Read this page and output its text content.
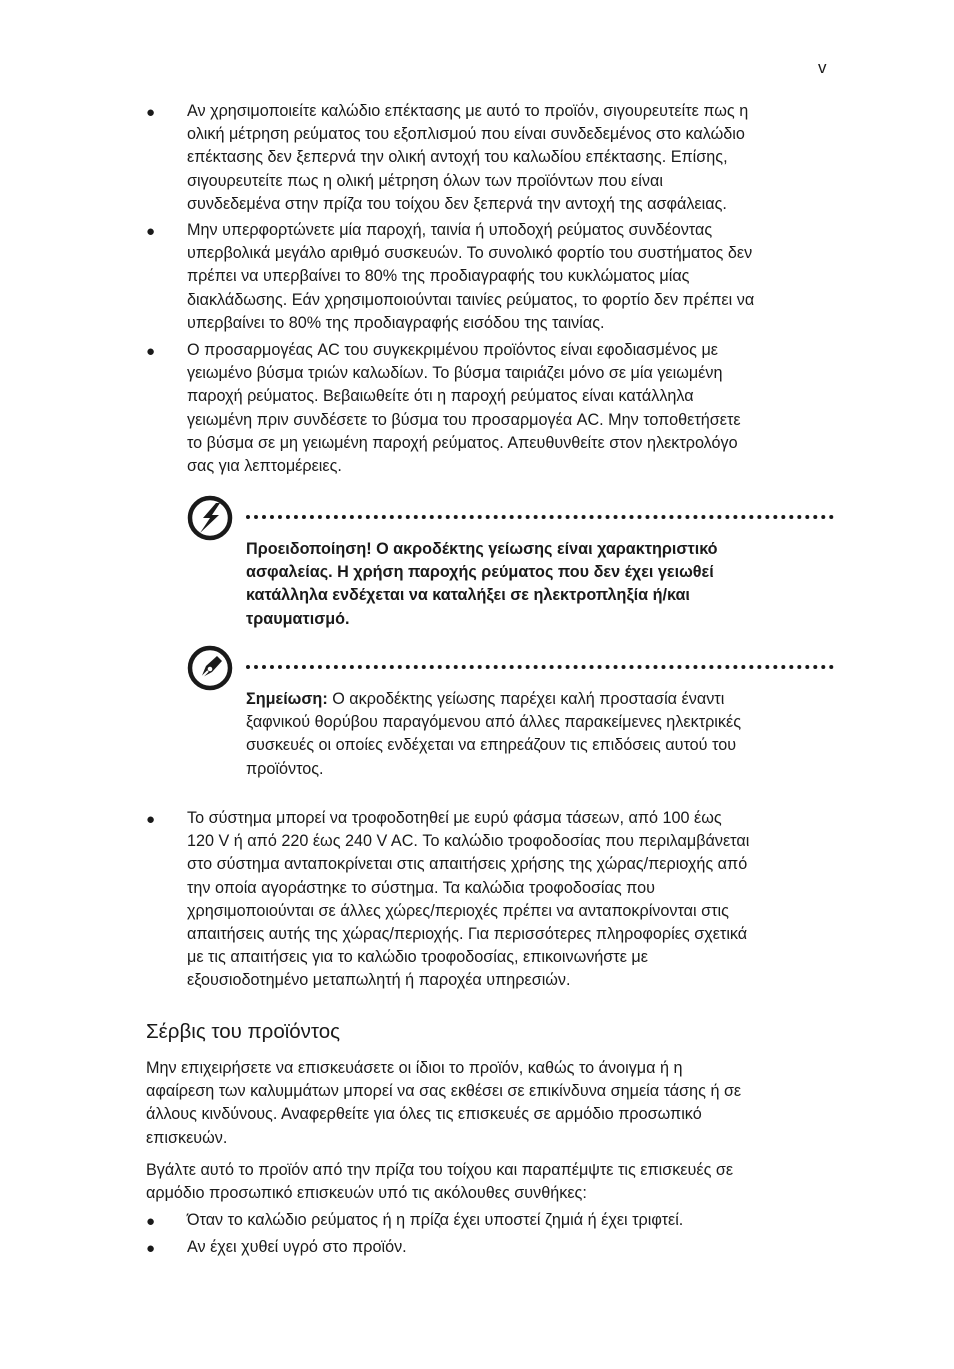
v
● Αν χρησιμοποιείτε καλώδιο επέκτασης με αυτό το προϊόν, σιγουρευτείτε πως η
ολική μέτρηση ρεύματος του εξοπλισμού που είναι συνδεδεμένος στο καλώδιο
επέκτασης δεν ξεπερνά την ολική αντοχή του καλωδίου επέκτασης. Επίσης,
σιγουρευτείτε πως η ολική μέτρηση όλων των προϊόντων που είναι
συνδεδεμένα στην πρίζα του τοίχου δεν ξεπερνά την αντοχή της ασφάλειας.
● Μην υπερφορτώνετε μία παροχή, ταινία ή υποδοχή ρεύματος συνδέοντας
υπερβολικά μεγάλο αριθμό συσκευών. Το συνολικό φορτίο του συστήματος δεν
πρέπει να υπερβαίνει το 80% της προδιαγραφής του κυκλώματος μίας
διακλάδωσης. Εάν χρησιμοποιούνται ταινίες ρεύματος, το φορτίο δεν πρέπει να
υπερβαίνει το 80% της προδιαγραφής εισόδου της ταινίας.
● Ο προσαρμογέας AC του συγκεκριμένου προϊόντος είναι εφοδιασμένος με
γειωμένο βύσμα τριών καλωδίων. Το βύσμα ταιριάζει μόνο σε μία γειωμένη
παροχή ρεύματος. Βεβαιωθείτε ότι η παροχή ρεύματος είναι κατάλληλα
γειωμένη πριν συνδέσετε το βύσμα του προσαρμογέα AC. Μην τοποθετήσετε
το βύσμα σε μη γειωμένη παροχή ρεύματος. Απευθυνθείτε στον ηλεκτρολόγο
σας για λεπτομέρειες.
Προειδοποίηση! Ο ακροδέκτης γείωσης είναι χαρακτηριστικό
ασφαλείας. Η χρήση παροχής ρεύματος που δεν έχει γειωθεί
κατάλληλα ενδέχεται να καταλήξει σε ηλεκτροπληξία ή/και
τραυματισμό.
Σημείωση: Ο ακροδέκτης γείωσης παρέχει καλή προστασία έναντι
ξαφνικού θορύβου παραγόμενου από άλλες παρακείμενες ηλεκτρικές
συσκευές οι οποίες ενδέχεται να επηρεάζουν τις επιδόσεις αυτού του
προϊόντος.
● Το σύστημα μπορεί να τροφοδοτηθεί με ευρύ φάσμα τάσεων, από 100 έως
120 V ή από 220 έως 240 V AC. Το καλώδιο τροφοδοσίας που περιλαμβάνεται
στο σύστημα ανταποκρίνεται στις απαιτήσεις χρήσης της χώρας/περιοχής από
την οποία αγοράστηκε το σύστημα. Τα καλώδια τροφοδοσίας που
χρησιμοποιούνται σε άλλες χώρες/περιοχές πρέπει να ανταποκρίνονται στις
απαιτήσεις αυτής της χώρας/περιοχής. Για περισσότερες πληροφορίες σχετικά
με τις απαιτήσεις για το καλώδιο τροφοδοσίας, επικοινωνήστε με
εξουσιοδοτημένο μεταπωλητή ή παροχέα υπηρεσιών.
Σέρβις του προϊόντος
Μην επιχειρήσετε να επισκευάσετε οι ίδιοι το προϊόν, καθώς το άνοιγμα ή η
αφαίρεση των καλυμμάτων μπορεί να σας εκθέσει σε επικίνδυνα σημεία τάσης ή σε
άλλους κινδύνους. Αναφερθείτε για όλες τις επισκευές σε αρμόδιο προσωπικό
επισκευών.
Βγάλτε αυτό το προϊόν από την πρίζα του τοίχου και παραπέμψτε τις επισκευές σε
αρμόδιο προσωπικό επισκευών υπό τις ακόλουθες συνθήκες:
● Όταν το καλώδιο ρεύματος ή η πρίζα έχει υποστεί ζημιά ή έχει τριφτεί.
● Αν έχει χυθεί υγρό στο προϊόν.
